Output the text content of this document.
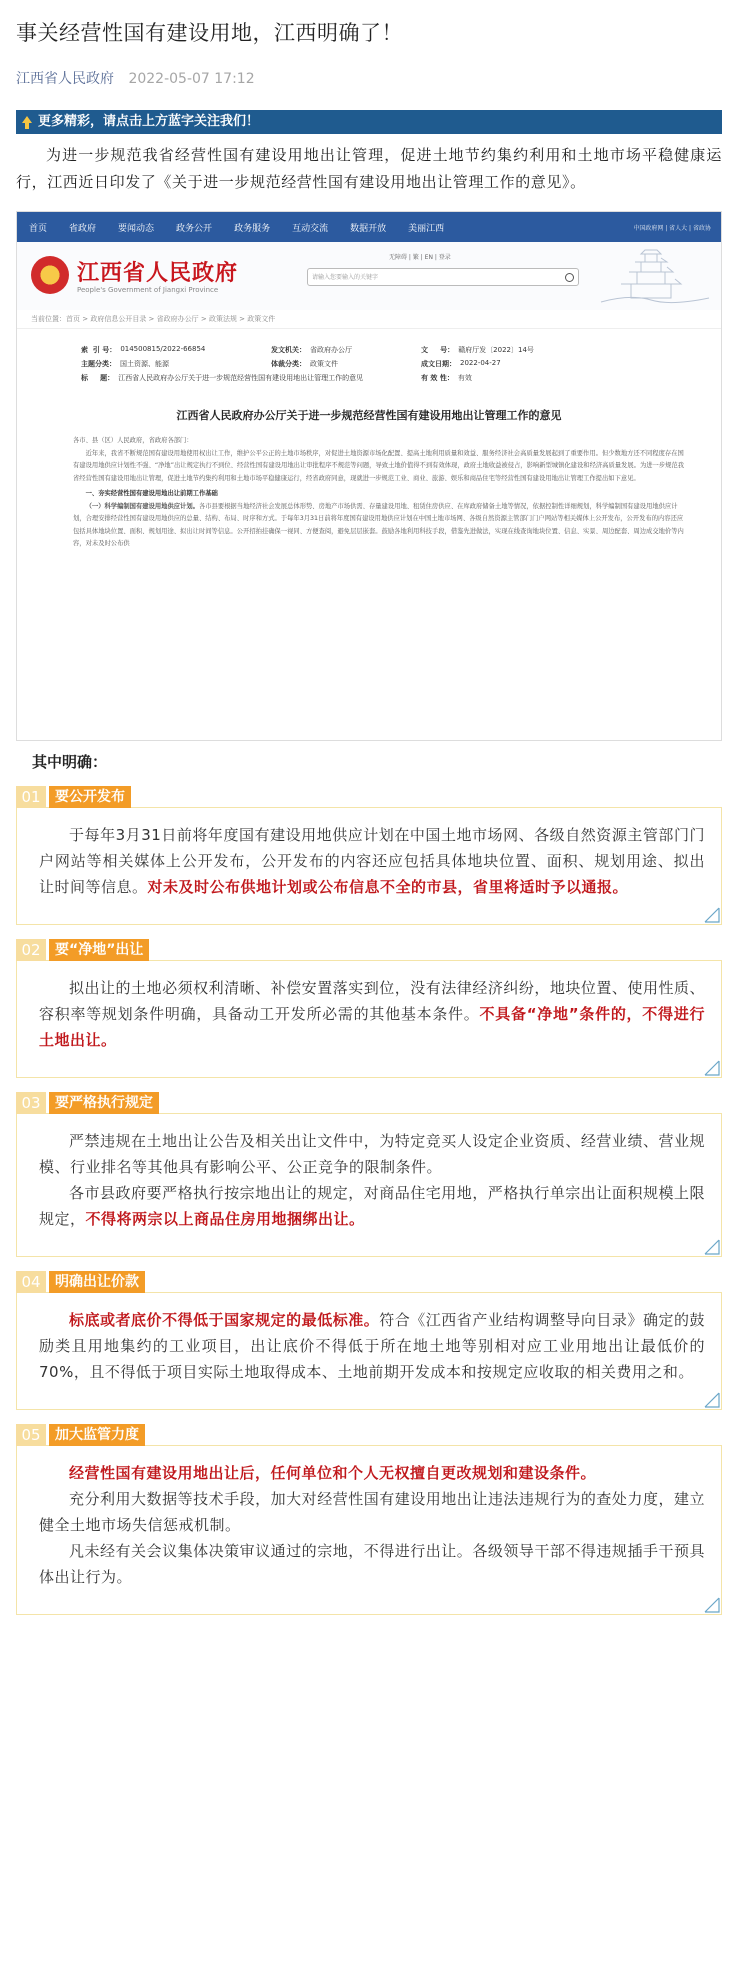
事关经营性国有建设用地，江西明确了！
江西省人民政府 2022-05-07 17:12
更多精彩，请点击上方蓝字关注我们！

为进一步规范我省经营性国有建设用地出让管理，促进土地节约集约利用和土地市场平稳健康运行，江西近日印发了《关于进一步规范经营性国有建设用地出让管理工作的意见》。

首页 省政府 要闻动态 政务公开 政务服务 互动交流 数据开放 美丽江西	中国政府网 | 省人大 | 省政协
江西省人民政府
People's Government of Jiangxi Province
无障碍 | 繁 | EN | 登录
请输入您要输入的关键字
当前位置：首页 > 政府信息公开目录 > 省政府办公厅 > 政策法规 > 政策文件
索  引 号： 014500815/2022-66854	发文机关： 省政府办公厅	文     号： 赣府厅发〔2022〕14号
主题分类： 国土资源、能源	体裁分类： 政策文件	成文日期： 2022-04-27
标     题： 江西省人民政府办公厅关于进一步规范经营性国有建设用地出让管理工作的意见	有 效 性： 有效
江西省人民政府办公厅关于进一步规范经营性国有建设用地出让管理工作的意见

各市、县（区）人民政府，省政府各部门：

近年来，我省不断规范国有建设用地使用权出让工作，维护公平公正的土地市场秩序，对促进土地资源市场化配置、提高土地利用质量和效益、服务经济社会高质量发展起到了重要作用。但少数地方还不同程度存在国有建设用地供应计划性不强、“净地”出让规定执行不到位、经营性国有建设用地出让审批程序不规范等问题，导致土地价值得不到有效体现，政府土地收益被侵占，影响新型城镇化建设和经济高质量发展。为进一步规范我省经营性国有建设用地出让管理，促进土地节约集约利用和土地市场平稳健康运行，经省政府同意，现就进一步规范工业、商业、旅游、娱乐和商品住宅等经营性国有建设用地出让管理工作提出如下意见。

一、夯实经营性国有建设用地出让前期工作基础

（一）科学编制国有建设用地供应计划。各市县要根据当地经济社会发展总体形势、房地产市场供需、存量建设用地、租赁住房供应、在库政府储备土地等情况，依据控制性详细规划，科学编制国有建设用地供应计划，合理安排经营性国有建设用地供应的总量、结构、布局、时序和方式。于每年3月31日前将年度国有建设用地供应计划在中国土地市场网、各级自然资源主管部门门户网站等相关媒体上公开发布，公开发布的内容还应包括具体地块位置、面积、规划用途、拟出让时间等信息。公开招拍挂确保一视同、方便查阅，避免层层嵌套。鼓励各地利用科技手段，借鉴先进做法，实现在线查询地块位置、信息、实景、周边配套、周边成交地价等内容，对未及时公布供

其中明确：
01	要公开发布

于每年3月31日前将年度国有建设用地供应计划在中国土地市场网、各级自然资源主管部门门户网站等相关媒体上公开发布，公开发布的内容还应包括具体地块位置、面积、规划用途、拟出让时间等信息。对未及时公布供地计划或公布信息不全的市县，省里将适时予以通报。

02	要“净地”出让

拟出让的土地必须权利清晰、补偿安置落实到位，没有法律经济纠纷，地块位置、使用性质、容积率等规划条件明确，具备动工开发所必需的其他基本条件。不具备“净地”条件的，不得进行土地出让。

03	要严格执行规定

严禁违规在土地出让公告及相关出让文件中，为特定竞买人设定企业资质、经营业绩、营业规模、行业排名等其他具有影响公平、公正竞争的限制条件。

各市县政府要严格执行按宗地出让的规定，对商品住宅用地，严格执行单宗出让面积规模上限规定，不得将两宗以上商品住房用地捆绑出让。

04	明确出让价款

标底或者底价不得低于国家规定的最低标准。符合《江西省产业结构调整导向目录》确定的鼓励类且用地集约的工业项目，出让底价不得低于所在地土地等别相对应工业用地出让最低价的70%，且不得低于项目实际土地取得成本、土地前期开发成本和按规定应收取的相关费用之和。

05	加大监管力度

经营性国有建设用地出让后，任何单位和个人无权擅自更改规划和建设条件。

充分利用大数据等技术手段，加大对经营性国有建设用地出让违法违规行为的查处力度，建立健全土地市场失信惩戒机制。

凡未经有关会议集体决策审议通过的宗地，不得进行出让。各级领导干部不得违规插手干预具体出让行为。
